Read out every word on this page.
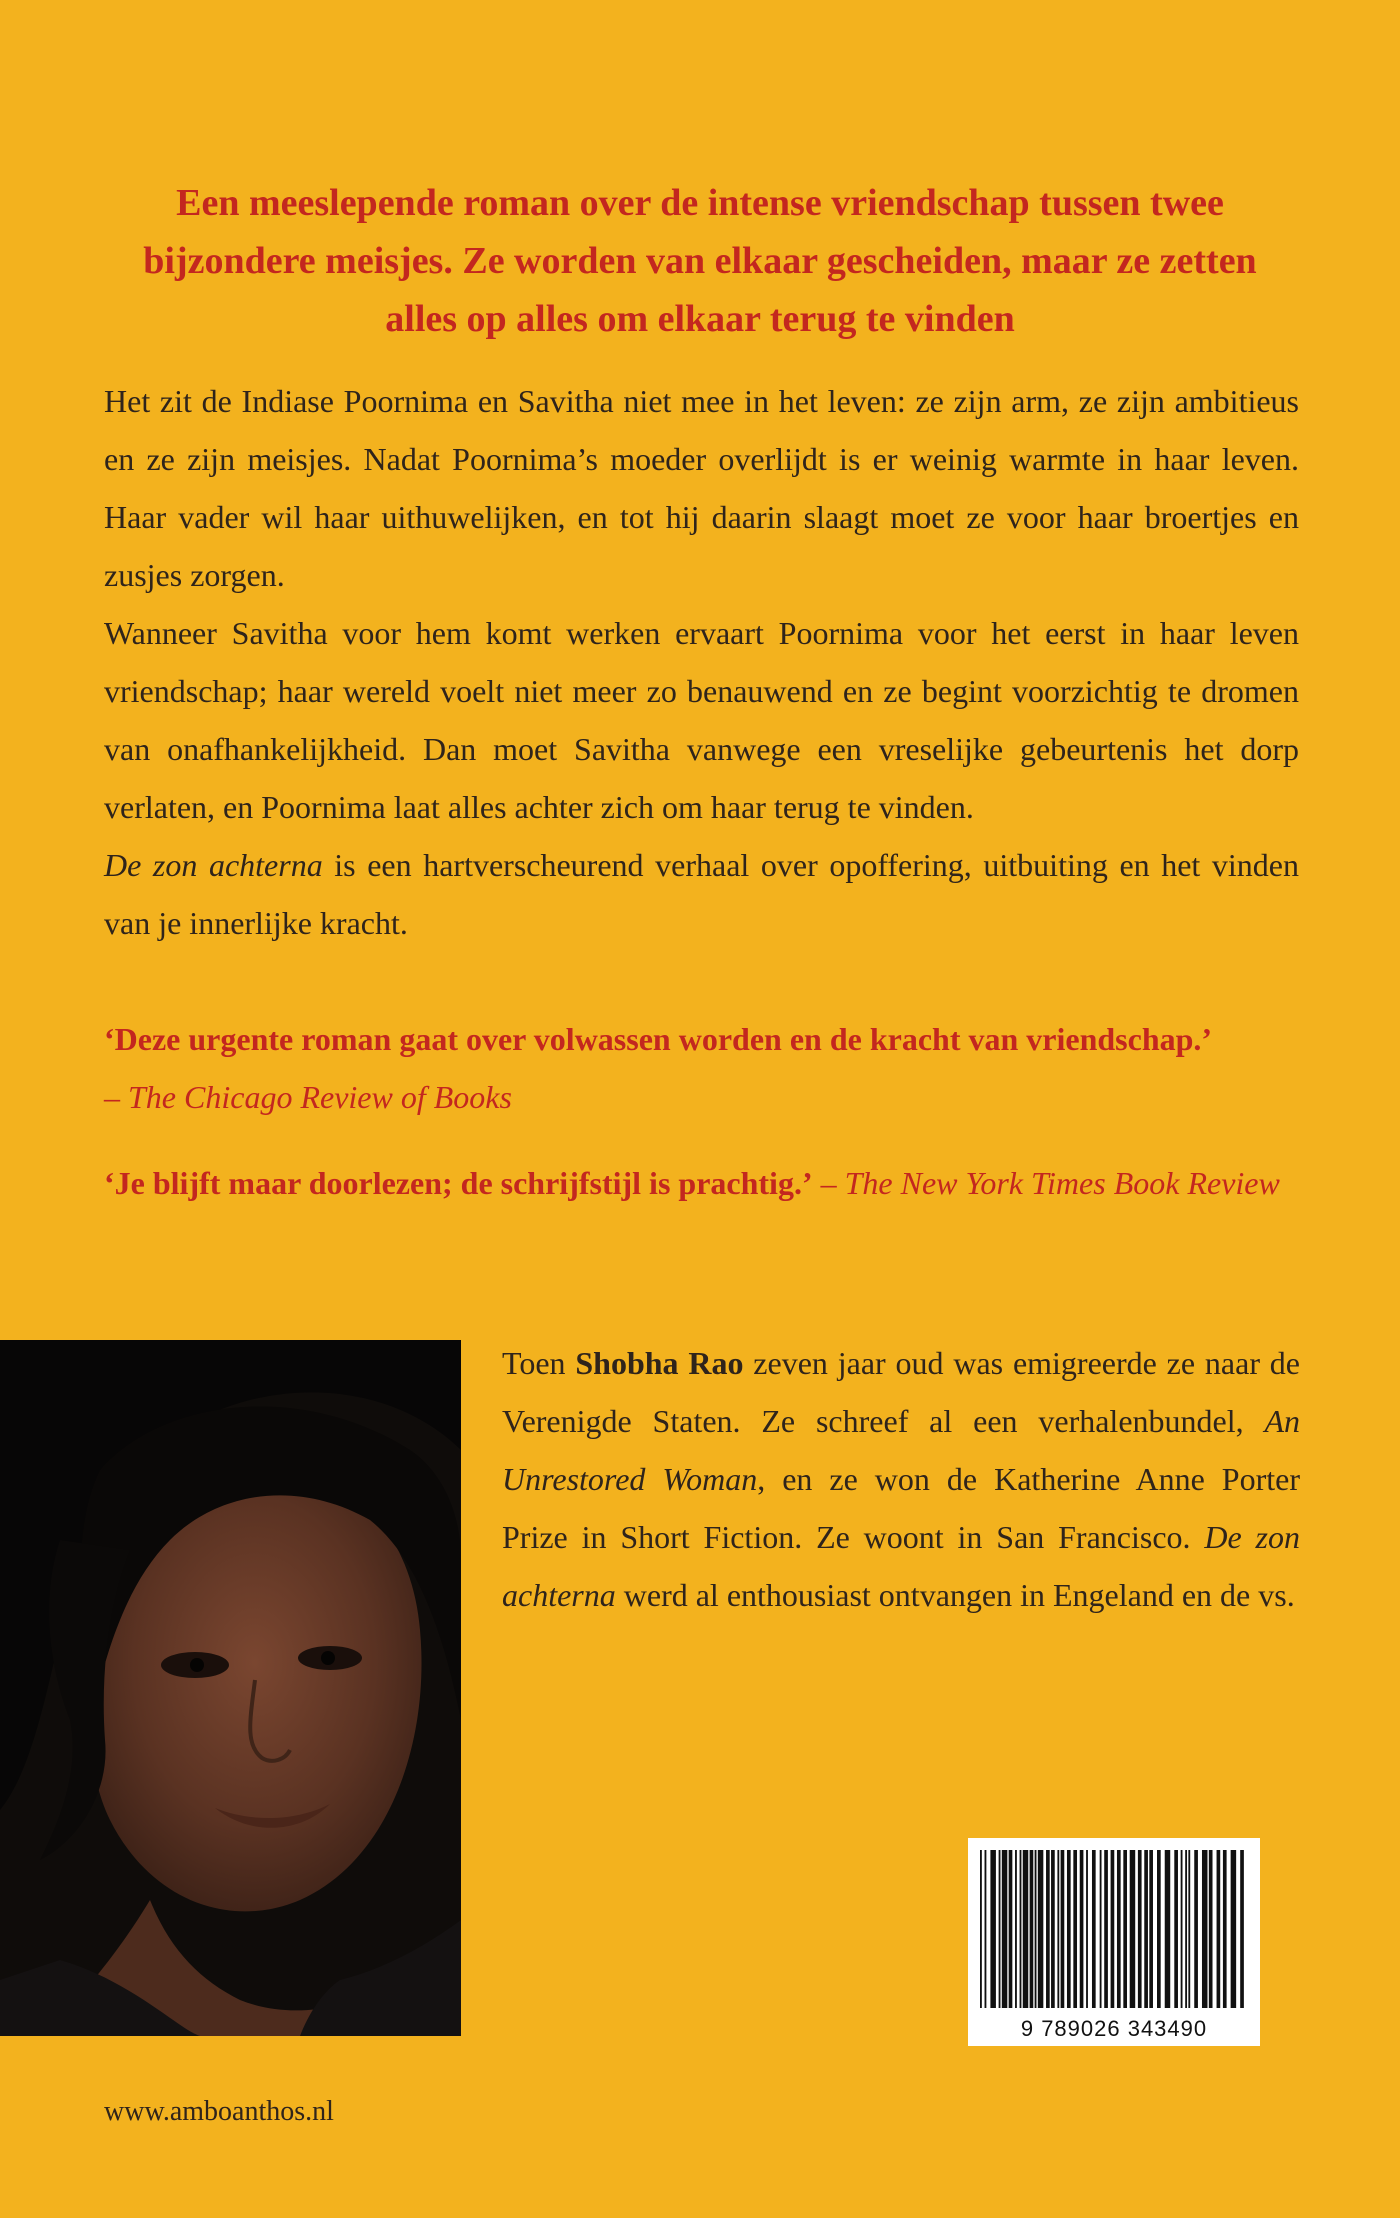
Een meeslepende roman over de intense vriendschap tussen twee bijzondere meisjes. Ze worden van elkaar gescheiden, maar ze zetten alles op alles om elkaar terug te vinden

Het zit de Indiase Poornima en Savitha niet mee in het leven: ze zijn arm, ze zijn ambitieus en ze zijn meisjes. Nadat Poornima’s moeder overlijdt is er weinig warmte in haar leven. Haar vader wil haar uithuwelijken, en tot hij daarin slaagt moet ze voor haar broertjes en zusjes zorgen.

Wanneer Savitha voor hem komt werken ervaart Poornima voor het eerst in haar leven vriendschap; haar wereld voelt niet meer zo benauwend en ze begint voorzichtig te dromen van onafhankelijkheid. Dan moet Savitha vanwege een vreselijke gebeurtenis het dorp verlaten, en Poornima laat alles achter zich om haar terug te vinden.

De zon achterna is een hartverscheurend verhaal over opoffering, uitbuiting en het vinden van je innerlijke kracht.

‘Deze urgente roman gaat over volwassen worden en de kracht van vriendschap.’
– The Chicago Review of Books

‘Je blijft maar doorlezen; de schrijfstijl is prachtig.’ – The New York Times Book Review

Toen Shobha Rao zeven jaar oud was emigreerde ze naar de Verenigde Staten. Ze schreef al een verhalenbundel, An Unrestored Woman, en ze won de Katherine Anne Porter Prize in Short Fiction. Ze woont in San Francisco. De zon achterna werd al enthousiast ontvangen in Engeland en de vs.

www.amboanthos.nl
9 789026 343490
